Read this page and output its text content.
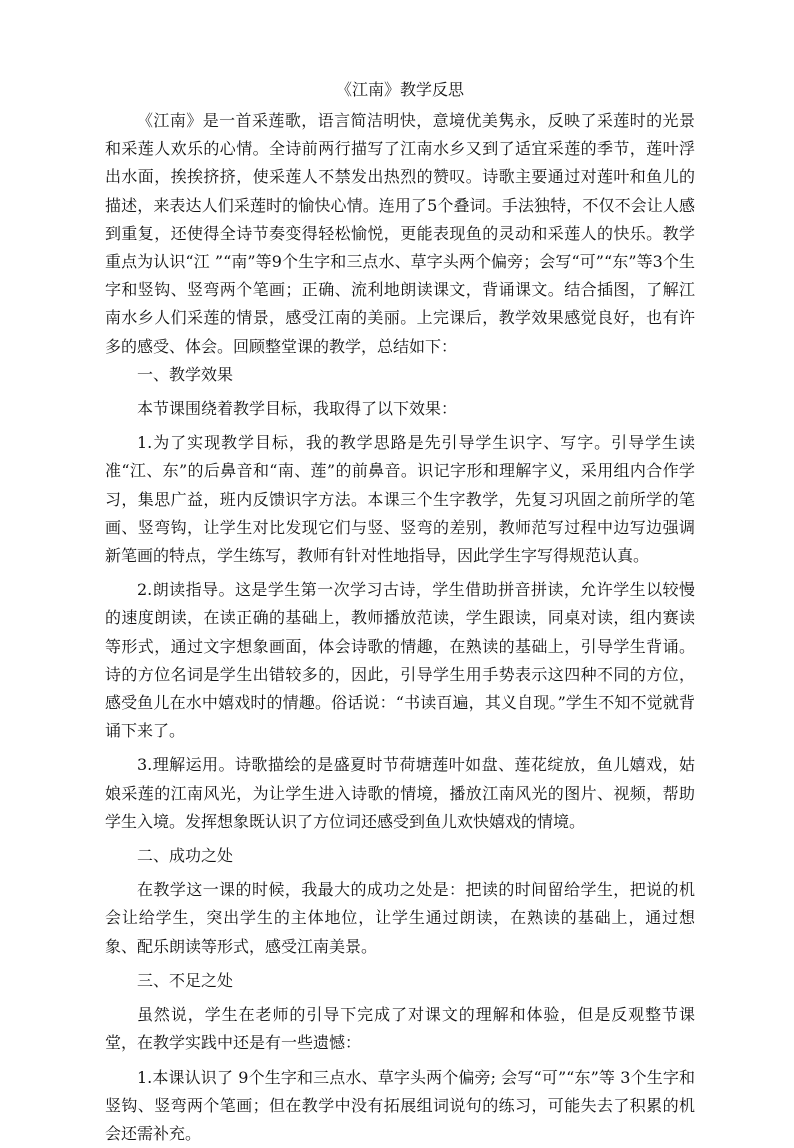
《江南》教学反思

《江南》是一首采莲歌，语言简洁明快，意境优美隽永，反映了采莲时的光景和采莲人欢乐的心情。全诗前两行描写了江南水乡又到了适宜采莲的季节，莲叶浮出水面，挨挨挤挤，使采莲人不禁发出热烈的赞叹。诗歌主要通过对莲叶和鱼儿的描述，来表达人们采莲时的愉快心情。连用了5个叠词。手法独特，不仅不会让人感到重复，还使得全诗节奏变得轻松愉悦，更能表现鱼的灵动和采莲人的快乐。教学重点为认识“江 ”“南”等9个生字和三点水、草字头两个偏旁；会写“可”“东”等3个生字和竖钩、竖弯两个笔画；正确、流利地朗读课文，背诵课文。结合插图，了解江南水乡人们采莲的情景，感受江南的美丽。上完课后，教学效果感觉良好，也有许多的感受、体会。回顾整堂课的教学，总结如下：

一、教学效果

本节课围绕着教学目标，我取得了以下效果：

1.为了实现教学目标，我的教学思路是先引导学生识字、写字。引导学生读准“江、东”的后鼻音和“南、莲”的前鼻音。识记字形和理解字义，采用组内合作学习，集思广益，班内反馈识字方法。本课三个生字教学，先复习巩固之前所学的笔画、竖弯钩，让学生对比发现它们与竖、竖弯的差别，教师范写过程中边写边强调新笔画的特点，学生练写，教师有针对性地指导，因此学生字写得规范认真。

2.朗读指导。这是学生第一次学习古诗，学生借助拼音拼读，允许学生以较慢的速度朗读，在读正确的基础上，教师播放范读，学生跟读，同桌对读，组内赛读等形式，通过文字想象画面，体会诗歌的情趣，在熟读的基础上，引导学生背诵。诗的方位名词是学生出错较多的，因此，引导学生用手势表示这四种不同的方位，感受鱼儿在水中嬉戏时的情趣。俗话说：“书读百遍，其义自现。”学生不知不觉就背诵下来了。

3.理解运用。诗歌描绘的是盛夏时节荷塘莲叶如盘、莲花绽放，鱼儿嬉戏，姑娘采莲的江南风光，为让学生进入诗歌的情境，播放江南风光的图片、视频，帮助学生入境。发挥想象既认识了方位词还感受到鱼儿欢快嬉戏的情境。

二、成功之处

在教学这一课的时候，我最大的成功之处是：把读的时间留给学生，把说的机会让给学生，突出学生的主体地位，让学生通过朗读，在熟读的基础上，通过想象、配乐朗读等形式，感受江南美景。

三、不足之处

虽然说，学生在老师的引导下完成了对课文的理解和体验，但是反观整节课堂，在教学实践中还是有一些遗憾：

1.本课认识了 9个生字和三点水、草字头两个偏旁; 会写“可”“东”等 3个生字和竖钩、竖弯两个笔画；但在教学中没有拓展组词说句的练习，可能失去了积累的机会还需补充。
